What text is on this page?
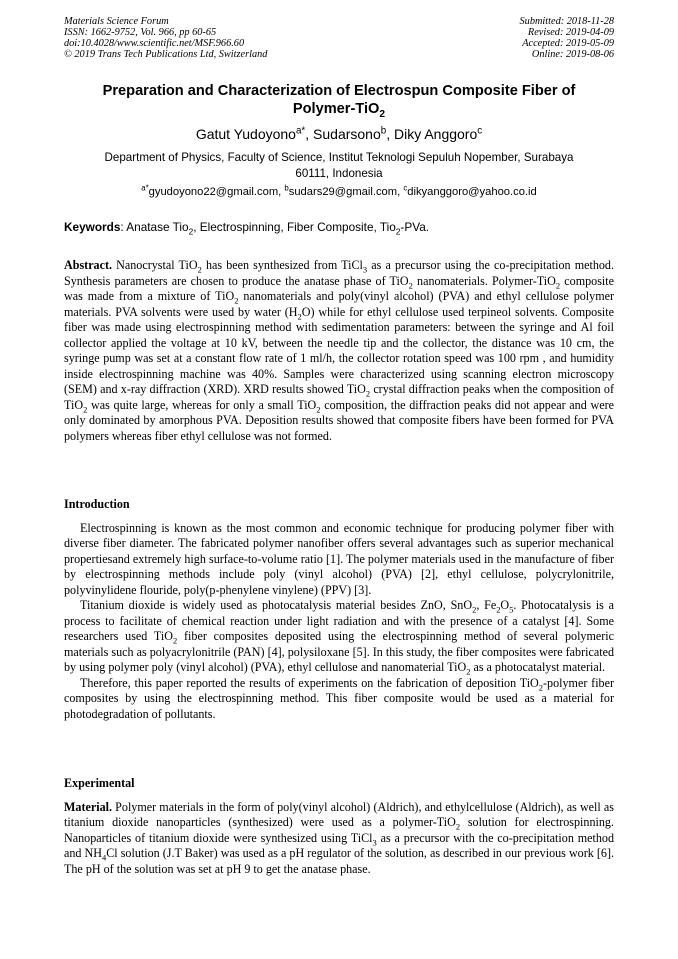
Materials Science Forum
ISSN: 1662-9752, Vol. 966, pp 60-65
doi:10.4028/www.scientific.net/MSF.966.60
© 2019 Trans Tech Publications Ltd, Switzerland
Submitted: 2018-11-28
Revised: 2019-04-09
Accepted: 2019-05-09
Online: 2019-08-06
Preparation and Characterization of Electrospun Composite Fiber of
Polymer-TiO$_2$
Gatut Yudoyono$^{a*}$, Sudarsono$^b$, Diky Anggoro$^c$
Department of Physics, Faculty of Science, Institut Teknologi Sepuluh Nopember, Surabaya
60111, Indonesia
$^{a*}$gyudoyono22@gmail.com, $^b$sudars29@gmail.com, $^c$dikyanggoro@yahoo.co.id
Keywords: Anatase Tio$_2$, Electrospinning, Fiber Composite, Tio$_2$-PVa.

Abstract. Nanocrystal TiO$_2$ has been synthesized from TiCl$_3$ as a precursor using the co-precipitation method. Synthesis parameters are chosen to produce the anatase phase of TiO$_2$ nanomaterials. Polymer-TiO$_2$ composite was made from a mixture of TiO$_2$ nanomaterials and poly(vinyl alcohol) (PVA) and ethyl cellulose polymer materials. PVA solvents were used by water $(H_2O)$ while for ethyl cellulose used terpineol solvents. Composite fiber was made using electrospinning method with sedimentation parameters: between the syringe and Al foil collector applied the voltage at 10 kV, between the needle tip and the collector, the distance was 10 cm, the syringe pump was set at a constant flow rate of 1 ml/h, the collector rotation speed was 100 rpm , and humidity inside electrospinning machine was 40%. Samples were characterized using scanning electron microscopy (SEM) and x-ray diffraction (XRD). XRD results showed TiO$_2$ crystal diffraction peaks when the composition of TiO$_2$ was quite large, whereas for only a small TiO$_2$ composition, the diffraction peaks did not appear and were only dominated by amorphous PVA. Deposition results showed that composite fibers have been formed for PVA polymers whereas fiber ethyl cellulose was not formed.

Introduction

Electrospinning is known as the most common and economic technique for producing polymer fiber with diverse fiber diameter. The fabricated polymer nanofiber offers several advantages such as superior mechanical propertiesand extremely high surface-to-volume ratio [1]. The polymer materials used in the manufacture of fiber by electrospinning methods include poly (vinyl alcohol) (PVA) [2], ethyl cellulose, polycrylonitrile, polyvinylidene flouride, poly(p-phenylene vinylene) (PPV) [3].

Titanium dioxide is widely used as photocatalysis material besides ZnO, SnO$_2$, $Fe_2O_5$. Photocatalysis is a process to facilitate of chemical reaction under light radiation and with the presence of a catalyst [4]. Some researchers used TiO$_2$ fiber composites deposited using the electrospinning method of several polymeric materials such as polyacrylonitrile (PAN) [4], polysiloxane [5]. In this study, the fiber composites were fabricated by using polymer poly (vinyl alcohol) (PVA), ethyl cellulose and nanomaterial TiO$_2$ as a photocatalyst material.

Therefore, this paper reported the results of experiments on the fabrication of deposition TiO$_2$-polymer fiber composites by using the electrospinning method. This fiber composite would be used as a material for photodegradation of pollutants.

Experimental

Material. Polymer materials in the form of poly(vinyl alcohol) (Aldrich), and ethylcellulose (Aldrich), as well as titanium dioxide nanoparticles (synthesized) were used as a polymer-TiO$_2$ solution for electrospinning. Nanoparticles of titanium dioxide were synthesized using TiCl$_3$ as a precursor with the co-precipitation method and $NH_4Cl$ solution (J.T Baker) was used as a pH regulator of the solution, as described in our previous work [6]. The pH of the solution was set at pH 9 to get the anatase phase.
